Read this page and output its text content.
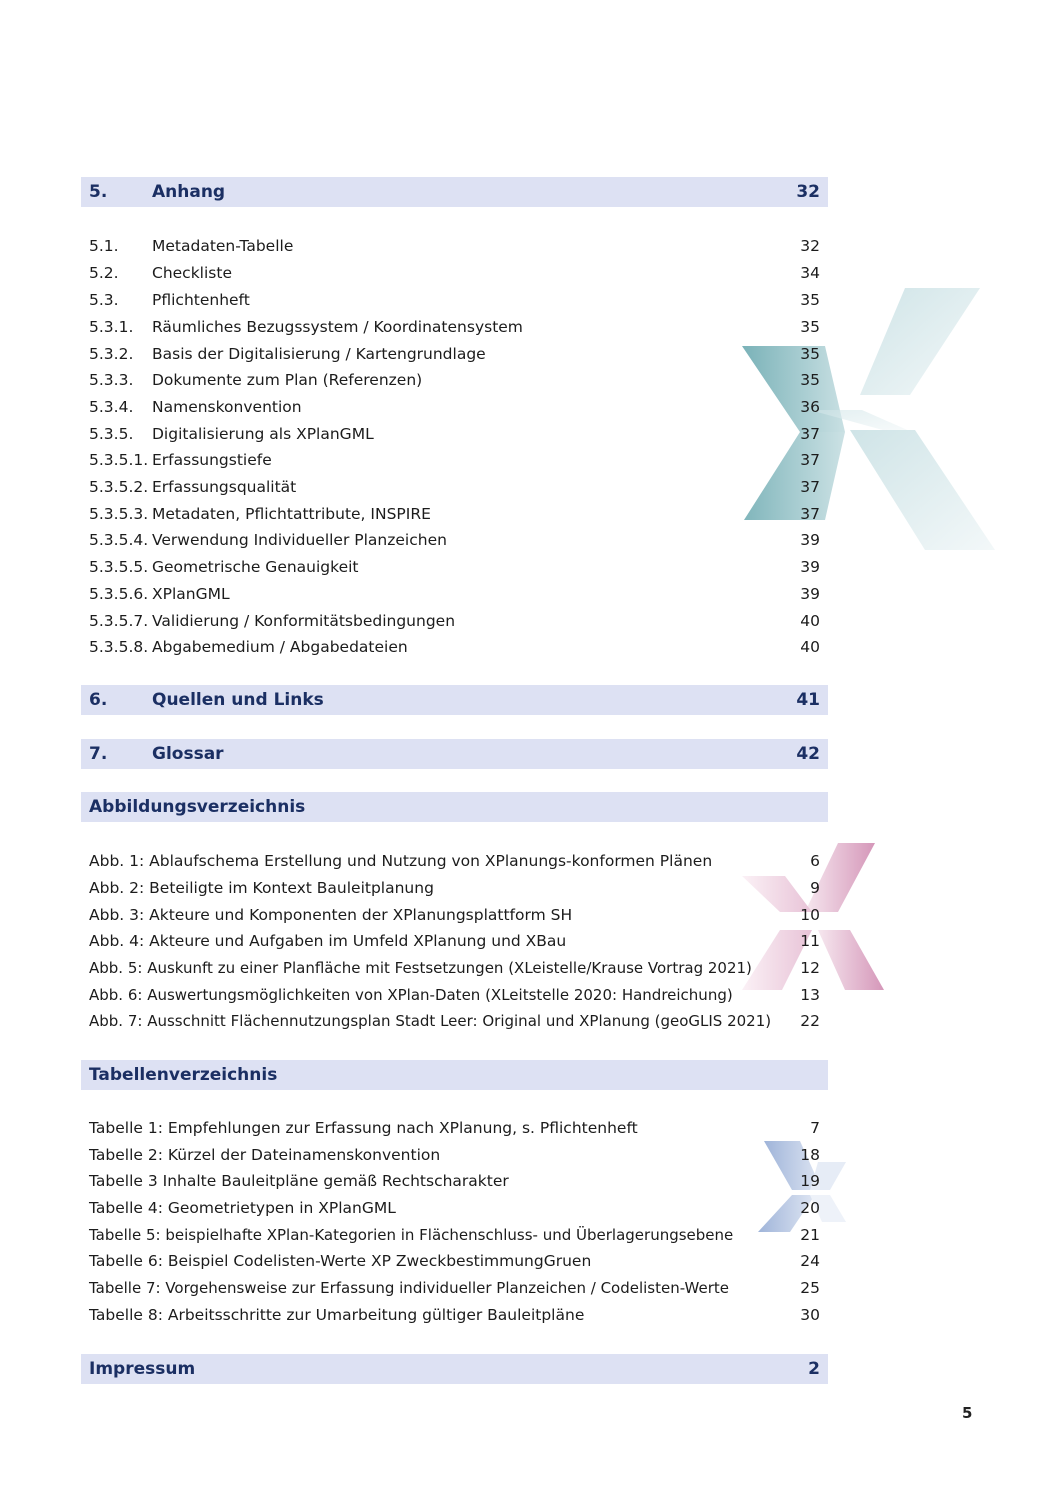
5.	Anhang	32
5.1. Metadaten-Tabelle	32
5.2. Checkliste	34
5.3. Pflichtenheft	35
5.3.1. Räumliches Bezugssystem / Koordinatensystem	35
5.3.2. Basis der Digitalisierung / Kartengrundlage	35
5.3.3. Dokumente zum Plan (Referenzen)	35
5.3.4. Namenskonvention	36
5.3.5. Digitalisierung als XPlanGML	37
5.3.5.1. Erfassungstiefe	37
5.3.5.2. Erfassungsqualität	37
5.3.5.3. Metadaten, Pflichtattribute, INSPIRE	37
5.3.5.4. Verwendung Individueller Planzeichen	39
5.3.5.5. Geometrische Genauigkeit	39
5.3.5.6. XPlanGML	39
5.3.5.7. Validierung / Konformitätsbedingungen	40
5.3.5.8. Abgabemedium / Abgabedateien	40
6.	Quellen und Links	41
7.	Glossar	42
Abbildungsverzeichnis
Abb. 1: Ablaufschema Erstellung und Nutzung von XPlanungs-konformen Plänen	6
Abb. 2: Beteiligte im Kontext Bauleitplanung	9
Abb. 3: Akteure und Komponenten der XPlanungsplattform SH	10
Abb. 4: Akteure und Aufgaben im Umfeld XPlanung und XBau	11
Abb. 5: Auskunft zu einer Planfläche mit Festsetzungen (XLeistelle/Krause Vortrag 2021)	12
Abb. 6: Auswertungsmöglichkeiten von XPlan-Daten (XLeitstelle 2020: Handreichung)	13
Abb. 7: Ausschnitt Flächennutzungsplan Stadt Leer: Original und XPlanung (geoGLIS 2021) 22
Tabellenverzeichnis
Tabelle 1: Empfehlungen zur Erfassung nach XPlanung, s. Pflichtenheft	7
Tabelle 2: Kürzel der Dateinamenskonvention	18
Tabelle 3 Inhalte Bauleitpläne gemäß Rechtscharakter	19
Tabelle 4: Geometrietypen in XPlanGML	20
Tabelle 5: beispielhafte XPlan-Kategorien in Flächenschluss- und Überlagerungsebene	21
Tabelle 6: Beispiel Codelisten-Werte XP ZweckbestimmungGruen	24
Tabelle 7: Vorgehensweise zur Erfassung individueller Planzeichen / Codelisten-Werte	25
Tabelle 8: Arbeitsschritte zur Umarbeitung gültiger Bauleitpläne	30
Impressum	2
5
